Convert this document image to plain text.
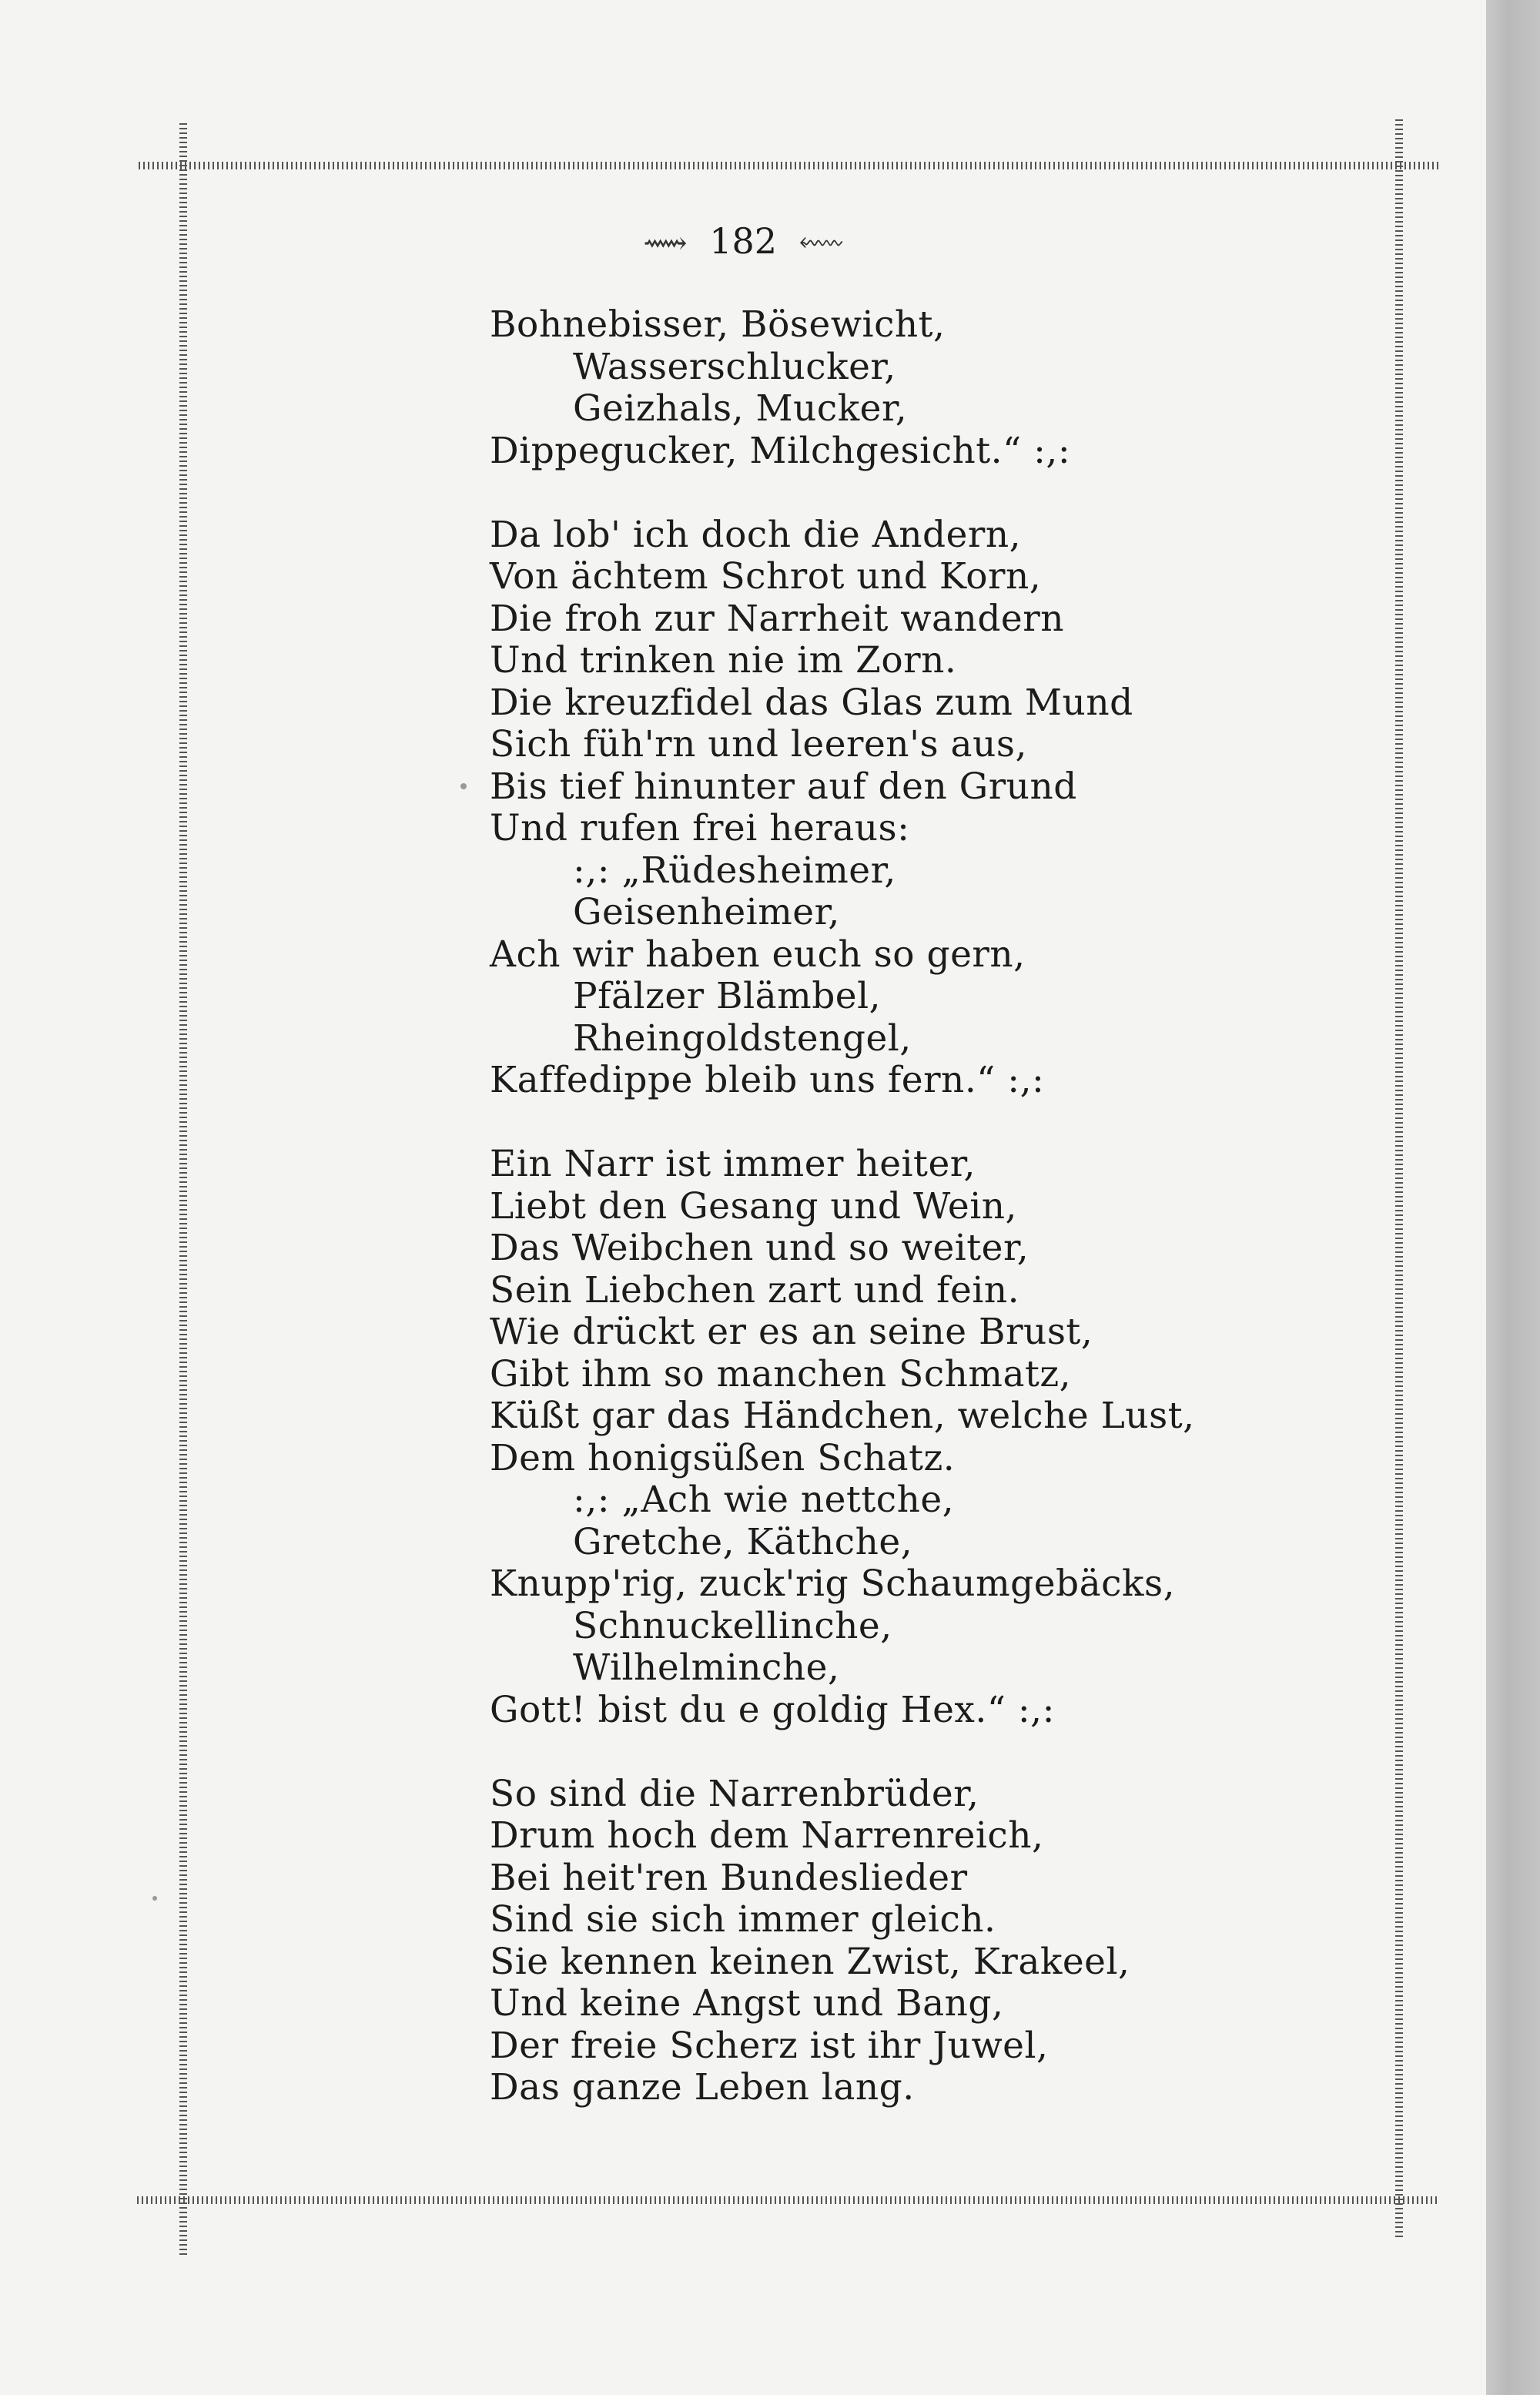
⟿ 182 ⬳
Bohnebisser, Bösewicht,
Wasserschlucker,
Geizhals, Mucker,
Dippegucker, Milchgesicht.“ :,:
Da lob' ich doch die Andern,
Von ächtem Schrot und Korn,
Die froh zur Narrheit wandern
Und trinken nie im Zorn.
Die kreuzfidel das Glas zum Mund
Sich füh'rn und leeren's aus,
Bis tief hinunter auf den Grund
Und rufen frei heraus:
:,: „Rüdesheimer,
Geisenheimer,
Ach wir haben euch so gern,
Pfälzer Blämbel,
Rheingoldstengel,
Kaffedippe bleib uns fern.“ :,:
Ein Narr ist immer heiter,
Liebt den Gesang und Wein,
Das Weibchen und so weiter,
Sein Liebchen zart und fein.
Wie drückt er es an seine Brust,
Gibt ihm so manchen Schmatz,
Küßt gar das Händchen, welche Lust,
Dem honigsüßen Schatz.
:,: „Ach wie nettche,
Gretche, Käthche,
Knupp'rig, zuck'rig Schaumgebäcks,
Schnuckellinche,
Wilhelminche,
Gott! bist du e goldig Hex.“ :,:
So sind die Narrenbrüder,
Drum hoch dem Narrenreich,
Bei heit'ren Bundeslieder
Sind sie sich immer gleich.
Sie kennen keinen Zwist, Krakeel,
Und keine Angst und Bang,
Der freie Scherz ist ihr Juwel,
Das ganze Leben lang.
